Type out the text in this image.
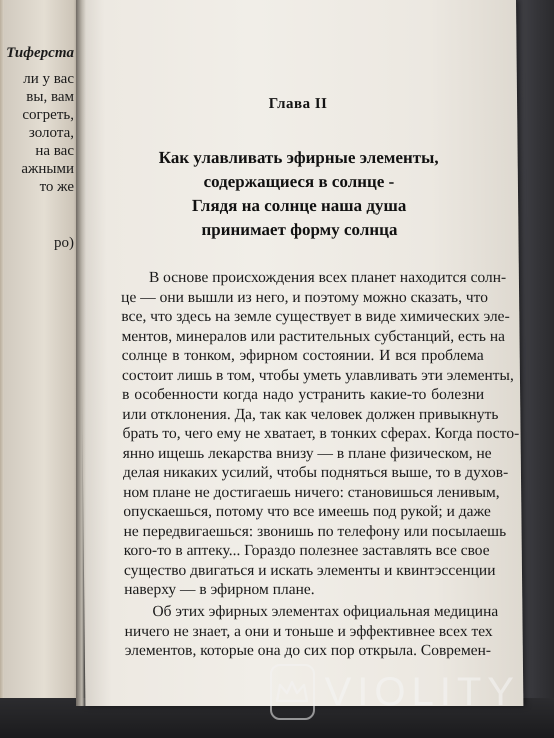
Тиферста
ли у вас
вы, вам
согреть,
золота,
на вас
ажными
то же
ро)
Глава II
Как улавливать эфирные элементы,
содержащиеся в солнце -
Глядя на солнце наша душа
принимает форму солнца
В основе происхождения всех планет находится солн-
це — они вышли из него, и поэтому можно сказать, что
все, что здесь на земле существует в виде химических эле-
ментов, минералов или растительных субстанций, есть на
солнце в тонком, эфирном состоянии. И вся проблема
состоит лишь в том, чтобы уметь улавливать эти элементы,
в особенности когда надо устранить какие-то болезни
или отклонения. Да, так как человек должен привыкнуть
брать то, чего ему не хватает, в тонких сферах. Когда посто-
янно ищешь лекарства внизу — в плане физическом, не
делая никаких усилий, чтобы подняться выше, то в духов-
ном плане не достигаешь ничего: становишься ленивым,
опускаешься, потому что все имеешь под рукой; и даже
не передвигаешься: звонишь по телефону или посылаешь
кого-то в аптеку... Гораздо полезнее заставлять все свое
существо двигаться и искать элементы и квинтэссенции
наверху — в эфирном плане.
Об этих эфирных элементах официальная медицина
ничего не знает, а они и тоньше и эффективнее всех тех
элементов, которые она до сих пор открыла. Современ-
VIOLITY
